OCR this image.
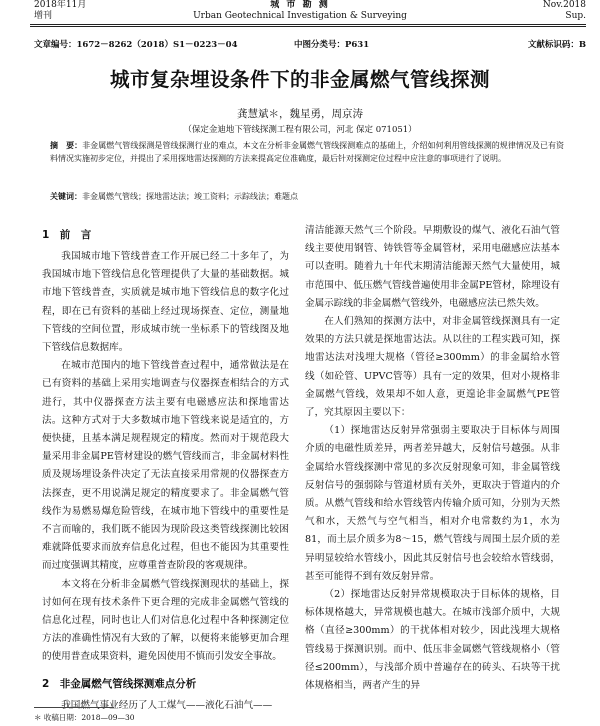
2018年11月
增刊
城 市 勘 测
Urban Geotechnical Investigation & Surveying
Nov.2018
Sup.
文章编号：1672－8262（2018）S1－0223－04	中图分类号：P631	文献标识码：B
城市复杂埋设条件下的非金属燃气管线探测
龚慧斌＊，魏星勇，周京涛
（保定金迪地下管线探测工程有限公司，河北 保定 071051）
摘　要：非金属燃气管线探测是管线探测行业的难点，本文在分析非金属燃气管线探测难点的基础上，介绍如何利用管线探测的规律情况及已有资料情况实施初步定位，并提出了采用探地雷达探测的方法来提高定位准确度，最后针对探测定位过程中应注意的事项进行了说明。
关键词：非金属燃气管线；探地雷达法；竣工资料；示踪线法；难题点
1　前　言

我国城市地下管线普查工作开展已经二十多年了，为我国城市地下管线信息化管理提供了大量的基础数据。城市地下管线普查，实质就是城市地下管线信息的数字化过程，即在已有资料的基础上经过现场探查、定位，测量地下管线的空间位置，形成城市统一坐标系下的管线图及地下管线信息数据库。

在城市范围内的地下管线普查过程中，通常做法是在已有资料的基础上采用实地调查与仪器探查相结合的方式进行，其中仪器探查方法主要有电磁感应法和探地雷达法。这种方式对于大多数城市地下管线来说是适宜的，方便快捷，且基本满足规程规定的精度。然而对于规范段大量采用非金属PE管材建设的燃气管线而言，非金属材料性质及规场埋设条件决定了无法直接采用常规的仪器探查方法探查，更不用说满足规定的精度要求了。非金属燃气管线作为易燃易爆危险管线，在城市地下管线中的重要性是不言而喻的，我们既不能因为现阶段这类管线探测比较困难就降低要求而放弃信息化过程，但也不能因为其重要性而过度强调其精度，应尊重普查阶段的客观规律。

本文将在分析非金属燃气管线探测现状的基础上，探讨如何在现有技术条件下更合理的完成非金属燃气管线的信息化过程，同时也让人们对信息化过程中各种探测定位方法的准确性情况有大致的了解，以便将来能够更加合理的使用普查成果资料，避免因使用不慎而引发安全事故。

2　非金属燃气管线探测难点分析

我国燃气事业经历了人工煤气——液化石油气——

清洁能源天然气三个阶段。早期敷设的煤气、液化石油气管线主要使用钢管、铸铁管等金属管材，采用电磁感应法基本可以查明。随着九十年代末期清洁能源天然气大量使用，城市范围中、低压燃气管线普遍使用非金属PE管材，除埋设有金属示踪线的非金属燃气管线外，电磁感应法已然失效。

在人们熟知的探测方法中，对非金属管线探测具有一定效果的方法只就是探地雷达法。从以往的工程实践可知，探地雷达法对浅埋大规格（管径≥300mm）的非金属给水管线（如砼管、UPVC管等）具有一定的效果，但对小规格非金属燃气管线，效果却不如人意，更遑论非金属燃气PE管了，究其原因主要以下：

（1）探地雷达反射异常强弱主要取决于目标体与周围介质的电磁性质差异，两者差异越大，反射信号越强。从非金属给水管线探测中常见的多次反射现象可知，非金属管线反射信号的强弱除与管道材质有关外，更取决于管道内的介质。从燃气管线和给水管线管内传输介质可知，分别为天然气和水，天然气与空气相当，相对介电常数约为1，水为81，而土层介质多为8～15，燃气管线与周围土层介质的差异明显较给水管线小，因此其反射信号也会较给水管线弱，甚至可能得不到有效反射异常。

（2）探地雷达反射异常规模取决于目标体的规格，目标体规格越大，异常规模也越大。在城市浅部介质中，大规格（直径≥300mm）的干扰体相对较少，因此浅埋大规格管线易于探测识别。而中、低压非金属燃气管线规格小（管径≤200mm），与浅部介质中普遍存在的砖头、石块等干扰体规格相当，两者产生的异

＊ 收稿日期：2018—09—30
